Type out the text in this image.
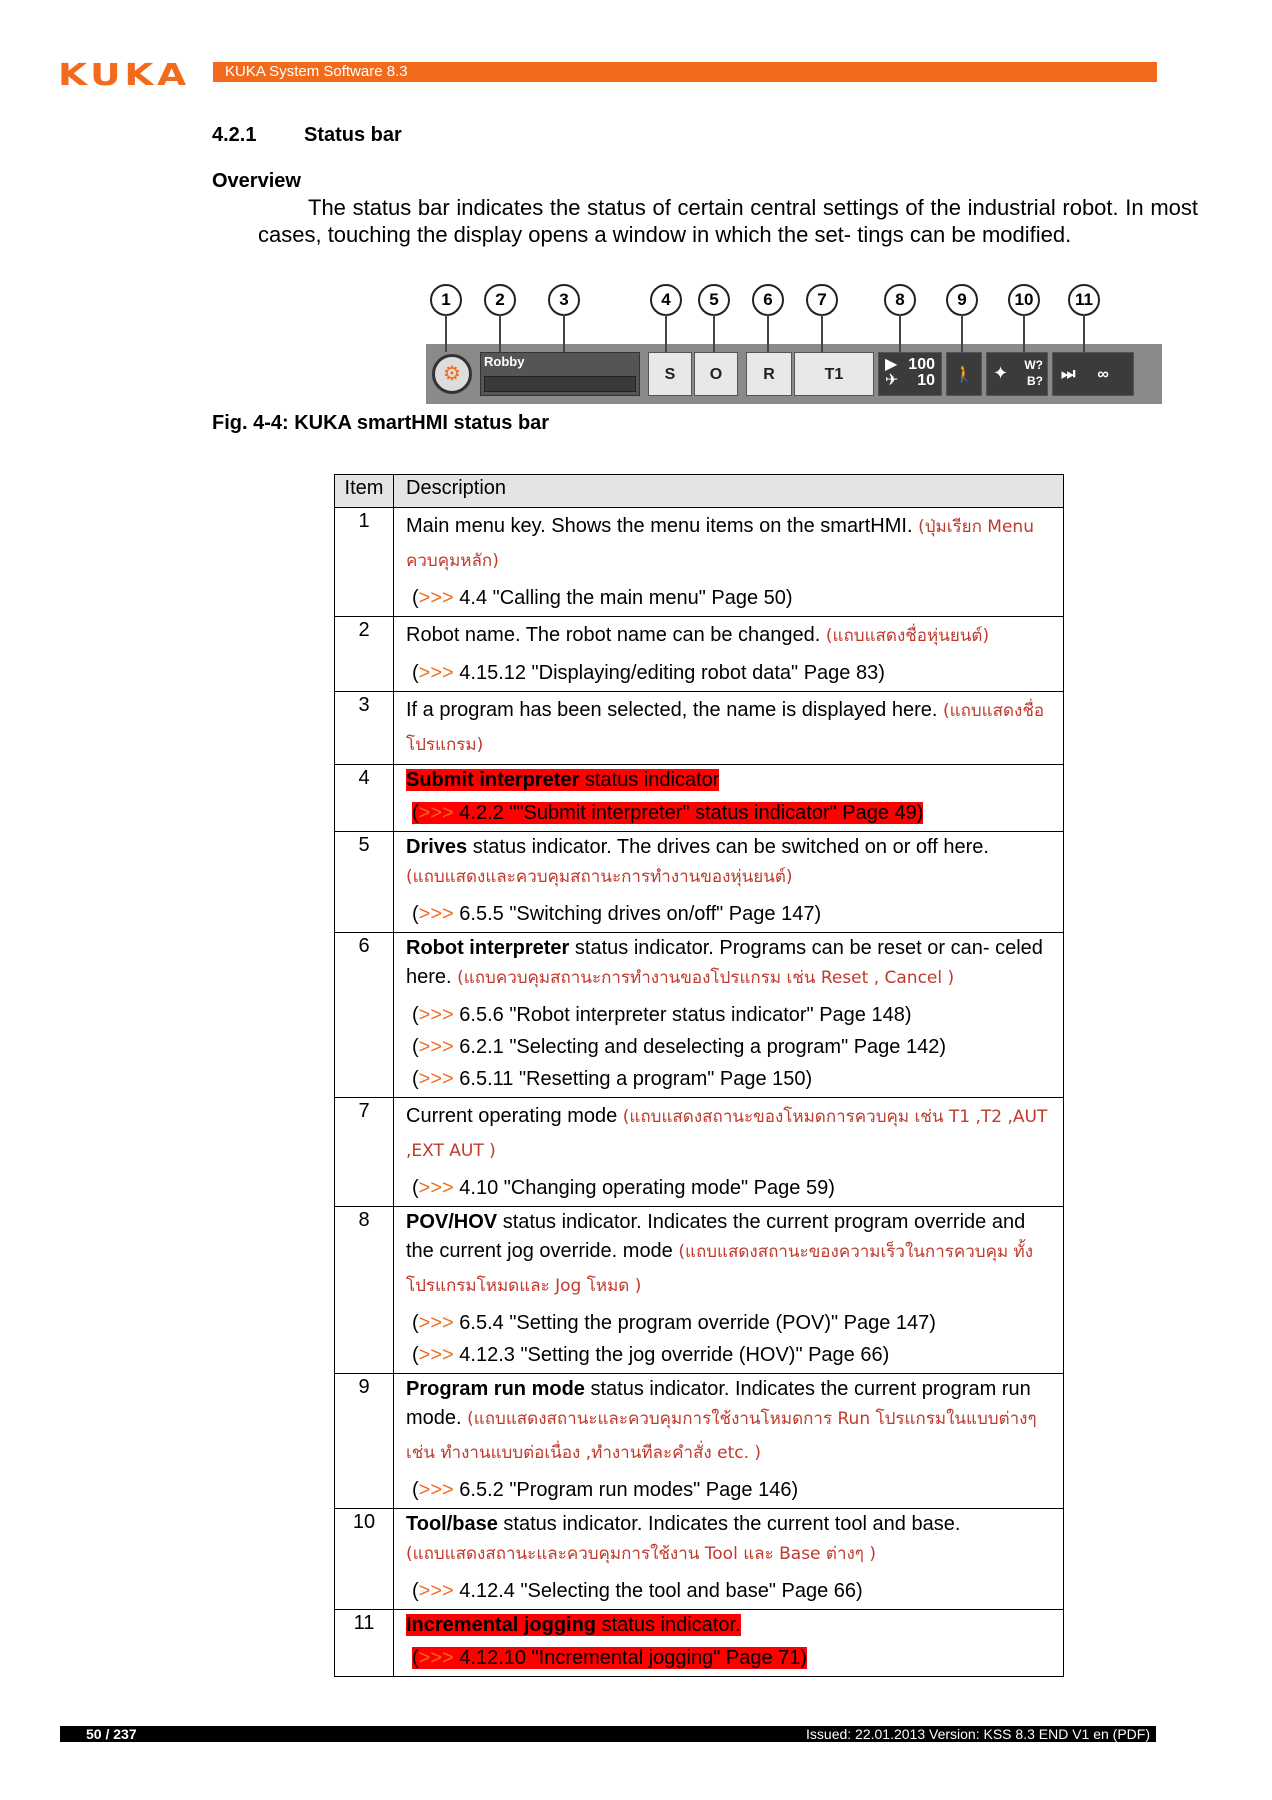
KUKA	KUKA System Software 8.3
4.2.1 Status bar
Overview
The status bar indicates the status of certain central settings of the industrial robot. In most cases, touching the display opens a window in which the set- tings can be modified.
1	2	3	4	5	6	7	8	9	10	11
⚙
Robby
S	O	R	T1
▶ 100

✈ 10	🚶	✦ W?
B?	⏭ ∞
Fig. 4-4: KUKA smartHMI status bar
Item	Description
1	Main menu key. Shows the menu items on the smartHMI. (ปุ่มเรียก Menu ควบคุมหลัก)
(>>> 4.4 "Calling the main menu" Page 50)

2	Robot name. The robot name can be changed. (แถบแสดงชื่อหุ่นยนต์)
(>>> 4.15.12 "Displaying/editing robot data" Page 83)

3	If a program has been selected, the name is displayed here. (แถบแสดงชื่อโปรแกรม)
4	Submit interpreter status indicator
(>>> 4.2.2 ""Submit interpreter" status indicator" Page 49)

5	Drives status indicator. The drives can be switched on or off here.
(แถบแสดงและควบคุมสถานะการทำงานของหุ่นยนต์)
(>>> 6.5.5 "Switching drives on/off" Page 147)

6	Robot interpreter status indicator. Programs can be reset or can- celed here. (แถบควบคุมสถานะการทำงานของโปรแกรม เช่น Reset , Cancel )
(>>> 6.5.6 "Robot interpreter status indicator" Page 148)
(>>> 6.2.1 "Selecting and deselecting a program" Page 142)
(>>> 6.5.11 "Resetting a program" Page 150)

7	Current operating mode (แถบแสดงสถานะของโหมดการควบคุม เช่น T1 ,T2 ,AUT ,EXT AUT )
(>>> 4.10 "Changing operating mode" Page 59)

8	POV/HOV status indicator. Indicates the current program override and the current jog override. mode (แถบแสดงสถานะของความเร็วในการควบคุม ทั้งโปรแกรมโหมดและ Jog โหมด )
(>>> 6.5.4 "Setting the program override (POV)" Page 147)
(>>> 4.12.3 "Setting the jog override (HOV)" Page 66)

9	Program run mode status indicator. Indicates the current program run mode. (แถบแสดงสถานะและควบคุมการใช้งานโหมดการ Run โปรแกรมในแบบต่างๆ เช่น ทำงานแบบต่อเนื่อง ,ทำงานทีละคำสั่ง etc. )
(>>> 6.5.2 "Program run modes" Page 146)

10	Tool/base status indicator. Indicates the current tool and base.
(แถบแสดงสถานะและควบคุมการใช้งาน Tool และ Base ต่างๆ )
(>>> 4.12.4 "Selecting the tool and base" Page 66)

11	Incremental jogging status indicator.
(>>> 4.12.10 "Incremental jogging" Page 71)
50 / 237	Issued: 22.01.2013 Version: KSS 8.3 END V1 en (PDF)
